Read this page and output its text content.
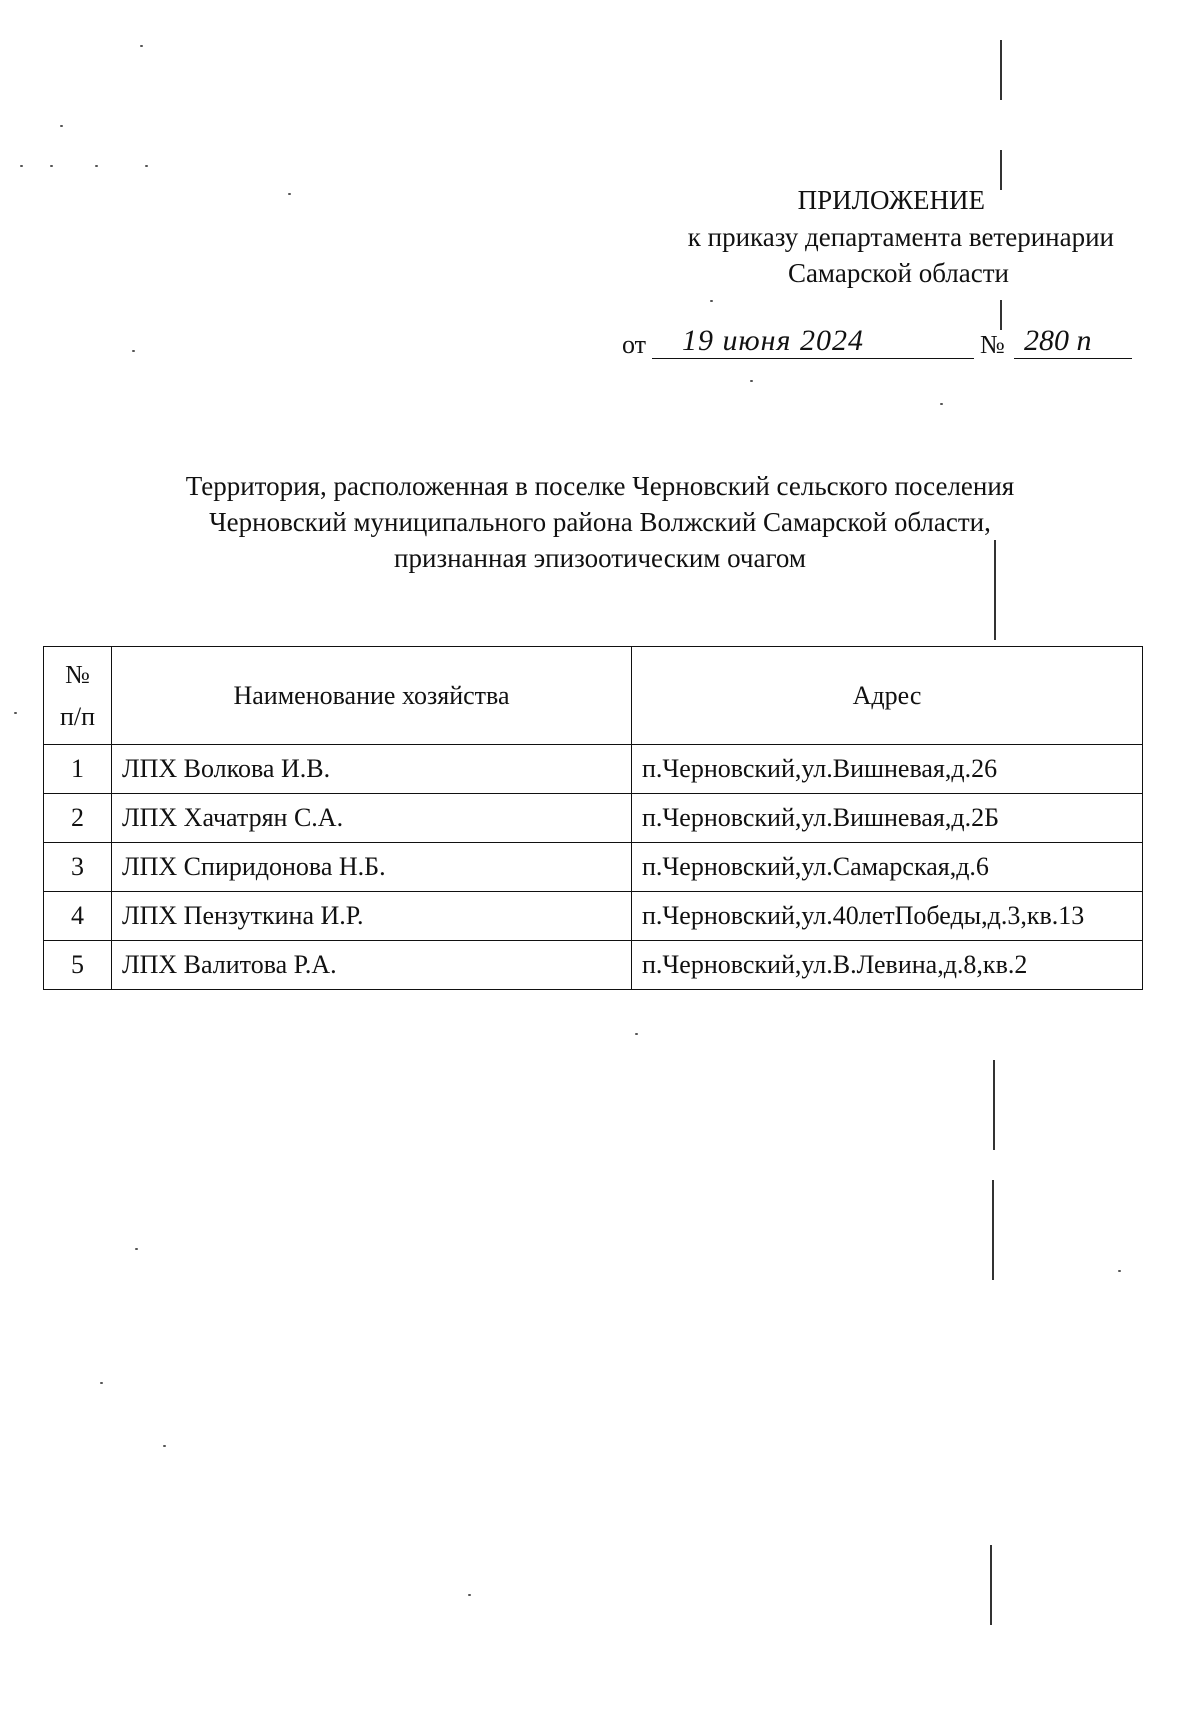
ПРИЛОЖЕНИЕ
к приказу департамента ветеринарии
Самарской области
от 19 июня 2024	№ 280 п
Территория, расположенная в поселке Черновский сельского поселения
Черновский муниципального района Волжский Самарской области,
признанная эпизоотическим очагом
№
п/п	Наименование хозяйства	Адрес
1	ЛПХ Волкова И.В.	п.Черновский,ул.Вишневая,д.26
2	ЛПХ Хачатрян С.А.	п.Черновский,ул.Вишневая,д.2Б
3	ЛПХ Спиридонова Н.Б.	п.Черновский,ул.Самарская,д.6
4	ЛПХ Пензуткина И.Р.	п.Черновский,ул.40летПобеды,д.3,кв.13
5	ЛПХ Валитова Р.А.	п.Черновский,ул.В.Левина,д.8,кв.2
